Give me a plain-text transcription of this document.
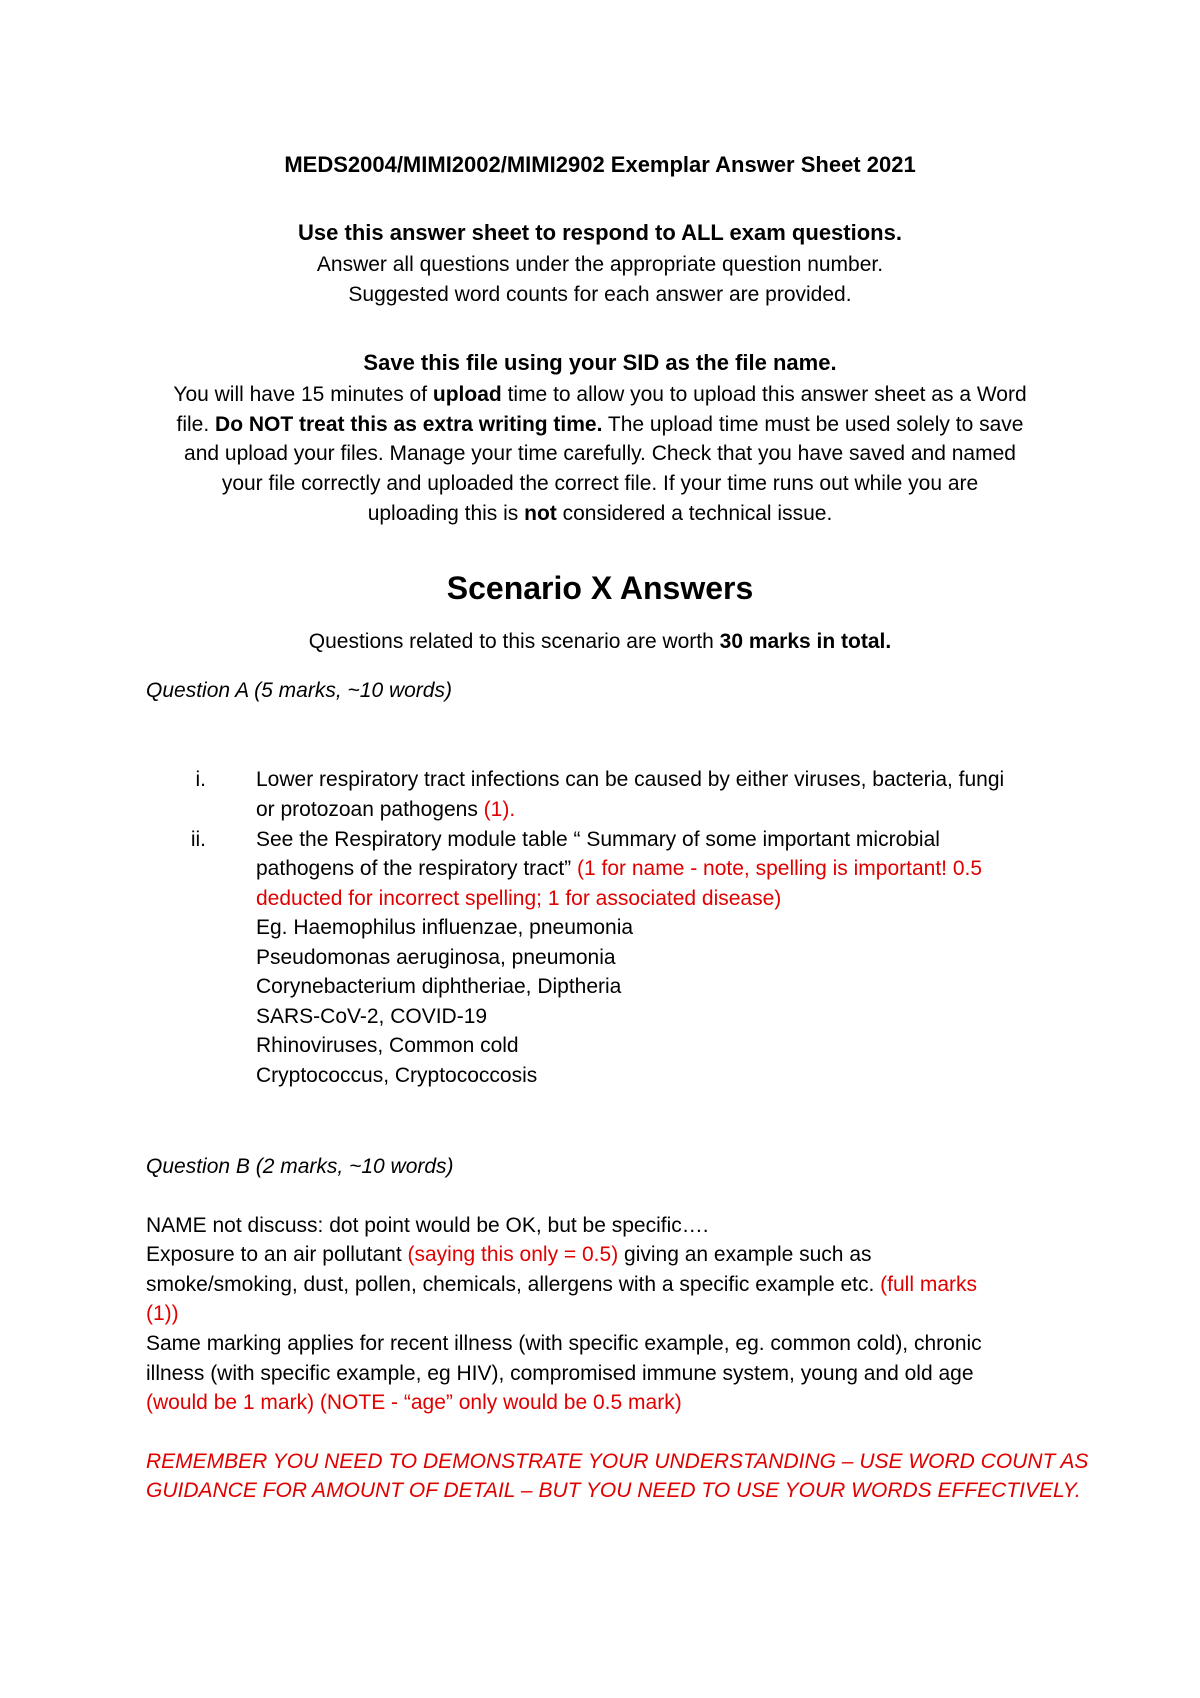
MEDS2004/MIMI2002/MIMI2902 Exemplar Answer Sheet 2021
Use this answer sheet to respond to ALL exam questions.
Answer all questions under the appropriate question number.
Suggested word counts for each answer are provided.
Save this file using your SID as the file name.
You will have 15 minutes of upload time to allow you to upload this answer sheet as a Word
file. Do NOT treat this as extra writing time. The upload time must be used solely to save
and upload your files. Manage your time carefully. Check that you have saved and named
your file correctly and uploaded the correct file. If your time runs out while you are
uploading this is not considered a technical issue.
Scenario X Answers
Questions related to this scenario are worth 30 marks in total.
Question A (5 marks, ~10 words)
i. Lower respiratory tract infections can be caused by either viruses, bacteria, fungi
or protozoan pathogens (1).
ii. See the Respiratory module table “ Summary of some important microbial
pathogens of the respiratory tract” (1 for name - note, spelling is important! 0.5
deducted for incorrect spelling; 1 for associated disease)
Eg. Haemophilus influenzae, pneumonia
Pseudomonas aeruginosa, pneumonia
Corynebacterium diphtheriae, Diptheria
SARS-CoV-2, COVID-19
Rhinoviruses, Common cold
Cryptococcus, Cryptococcosis
Question B (2 marks, ~10 words)
NAME not discuss: dot point would be OK, but be specific….
Exposure to an air pollutant (saying this only = 0.5) giving an example such as
smoke/smoking, dust, pollen, chemicals, allergens with a specific example etc. (full marks
(1))
Same marking applies for recent illness (with specific example, eg. common cold), chronic
illness (with specific example, eg HIV), compromised immune system, young and old age
(would be 1 mark) (NOTE - “age” only would be 0.5 mark)
REMEMBER YOU NEED TO DEMONSTRATE YOUR UNDERSTANDING – USE WORD COUNT AS
GUIDANCE FOR AMOUNT OF DETAIL – BUT YOU NEED TO USE YOUR WORDS EFFECTIVELY.
